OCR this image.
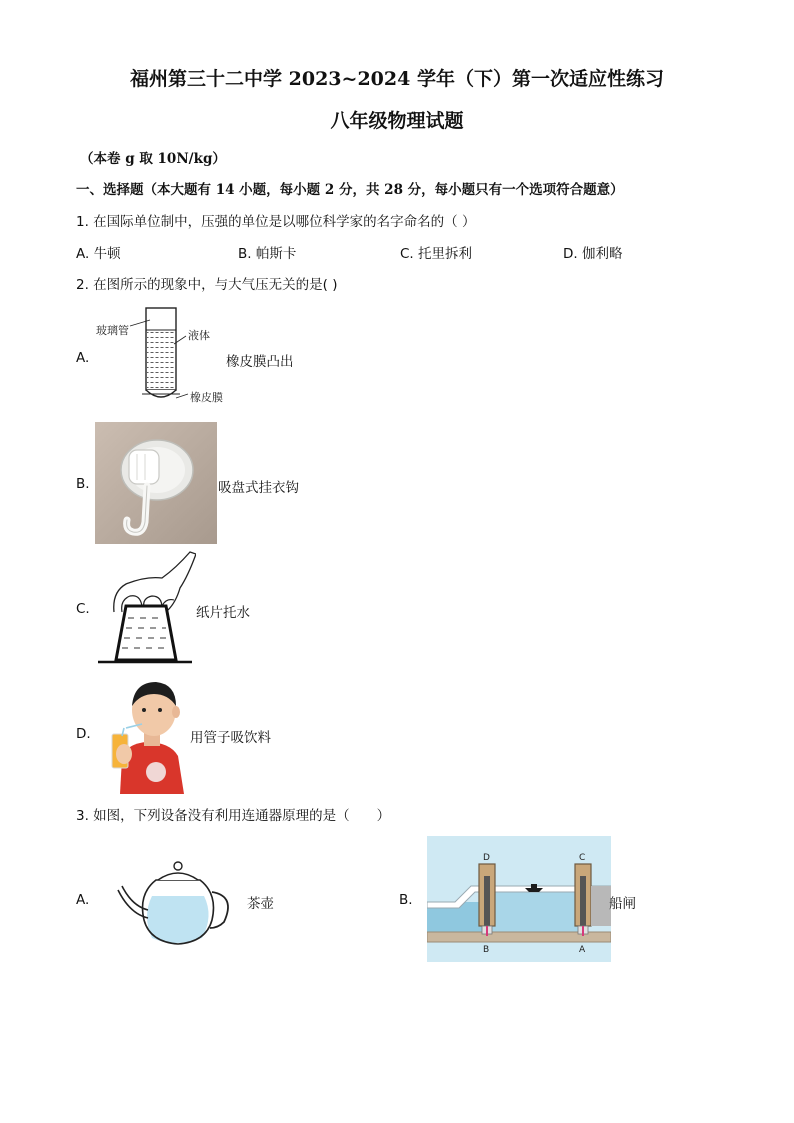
福州第三十二中学 2023~2024 学年（下）第一次适应性练习
八年级物理试题
（本卷 g 取 10N/kg）
一、选择题（本大题有 14 小题，每小题 2 分，共 28 分，每小题只有一个选项符合题意）
1. 在国际单位制中，压强的单位是以哪位科学家的名字命名的（ ）
A. 牛顿	B. 帕斯卡	C. 托里拆利	D. 伽利略
2. 在图所示的现象中，与大气压无关的是( )
A.
玻璃管	液体
橡皮膜
橡皮膜凸出
B.	吸盘式挂衣钩
C.	纸片托水
D.	用管子吸饮料
3. 如图，下列设备没有利用连通器原理的是（　　）
A.	茶壶	B.
D	C
B	A
船闸
